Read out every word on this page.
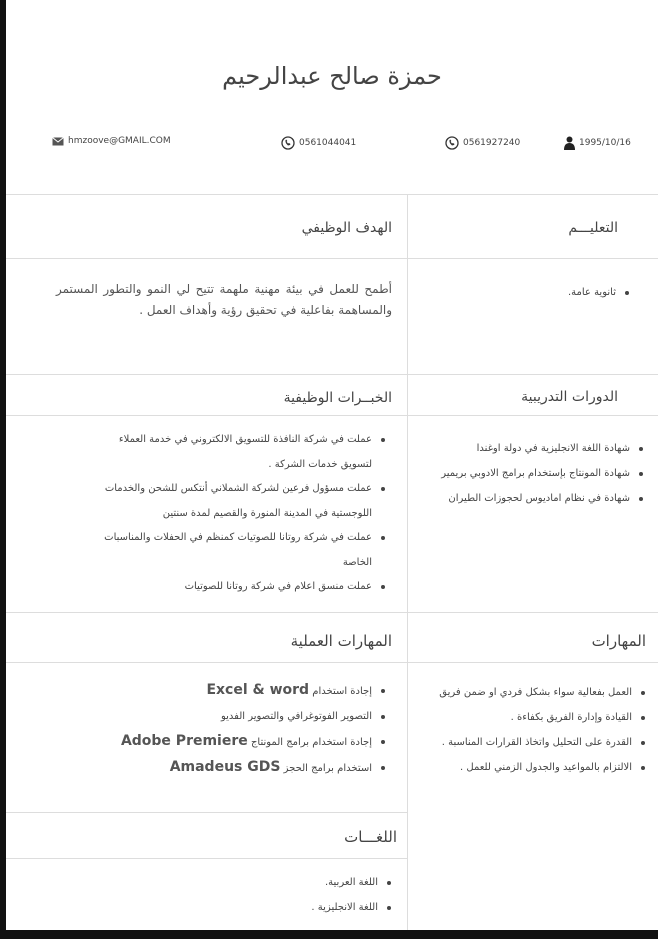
حمزة صالح عبدالرحيم
hmzoove@GMAIL.COM	0561044041	0561927240	1995/10/16
التعليـــم
الهدف الوظيفي
الدورات التدريبية
الخبــرات الوظيفية
المهارات
المهارات العملية
اللغـــات
ثانوية عامة.
أطمح للعمل في بيئة مهنية ملهمة تتيح لي النمو والتطور المستمر والمساهمة بفاعلية في تحقيق رؤية وأهداف العمل .
شهادة اللغة الانجليزية في دولة اوغندا
شهادة المونتاج بإستخدام برامج الادوبي بريمير
شهادة في نظام اماديوس لحجوزات الطيران
عملت في شركة النافذة للتسويق الالكتروني في خدمة العملاء
لتسويق خدمات الشركة .
عملت مسؤول فرعين لشركة الشملاني أنتكس للشحن والخدمات
اللوجستية في المدينة المنورة والقصيم لمدة سنتين
عملت في شركة روتانا للصوتيات كمنظم في الحفلات والمناسبات
الخاصة
عملت منسق اعلام في شركة روتانا للصوتيات
العمل بفعالية سواء بشكل فردي او ضمن فريق
القيادة وإدارة الفريق بكفاءة .
القدرة على التحليل واتخاذ القرارات المناسبة .
الالتزام بالمواعيد والجدول الزمني للعمل .
إجادة استخدام Excel & word
التصوير الفوتوغرافي والتصوير الفديو
إجادة استخدام برامج المونتاج Adobe Premiere
استخدام برامج الحجز Amadeus GDS
اللغة العربية.
اللغة الانجليزية .
